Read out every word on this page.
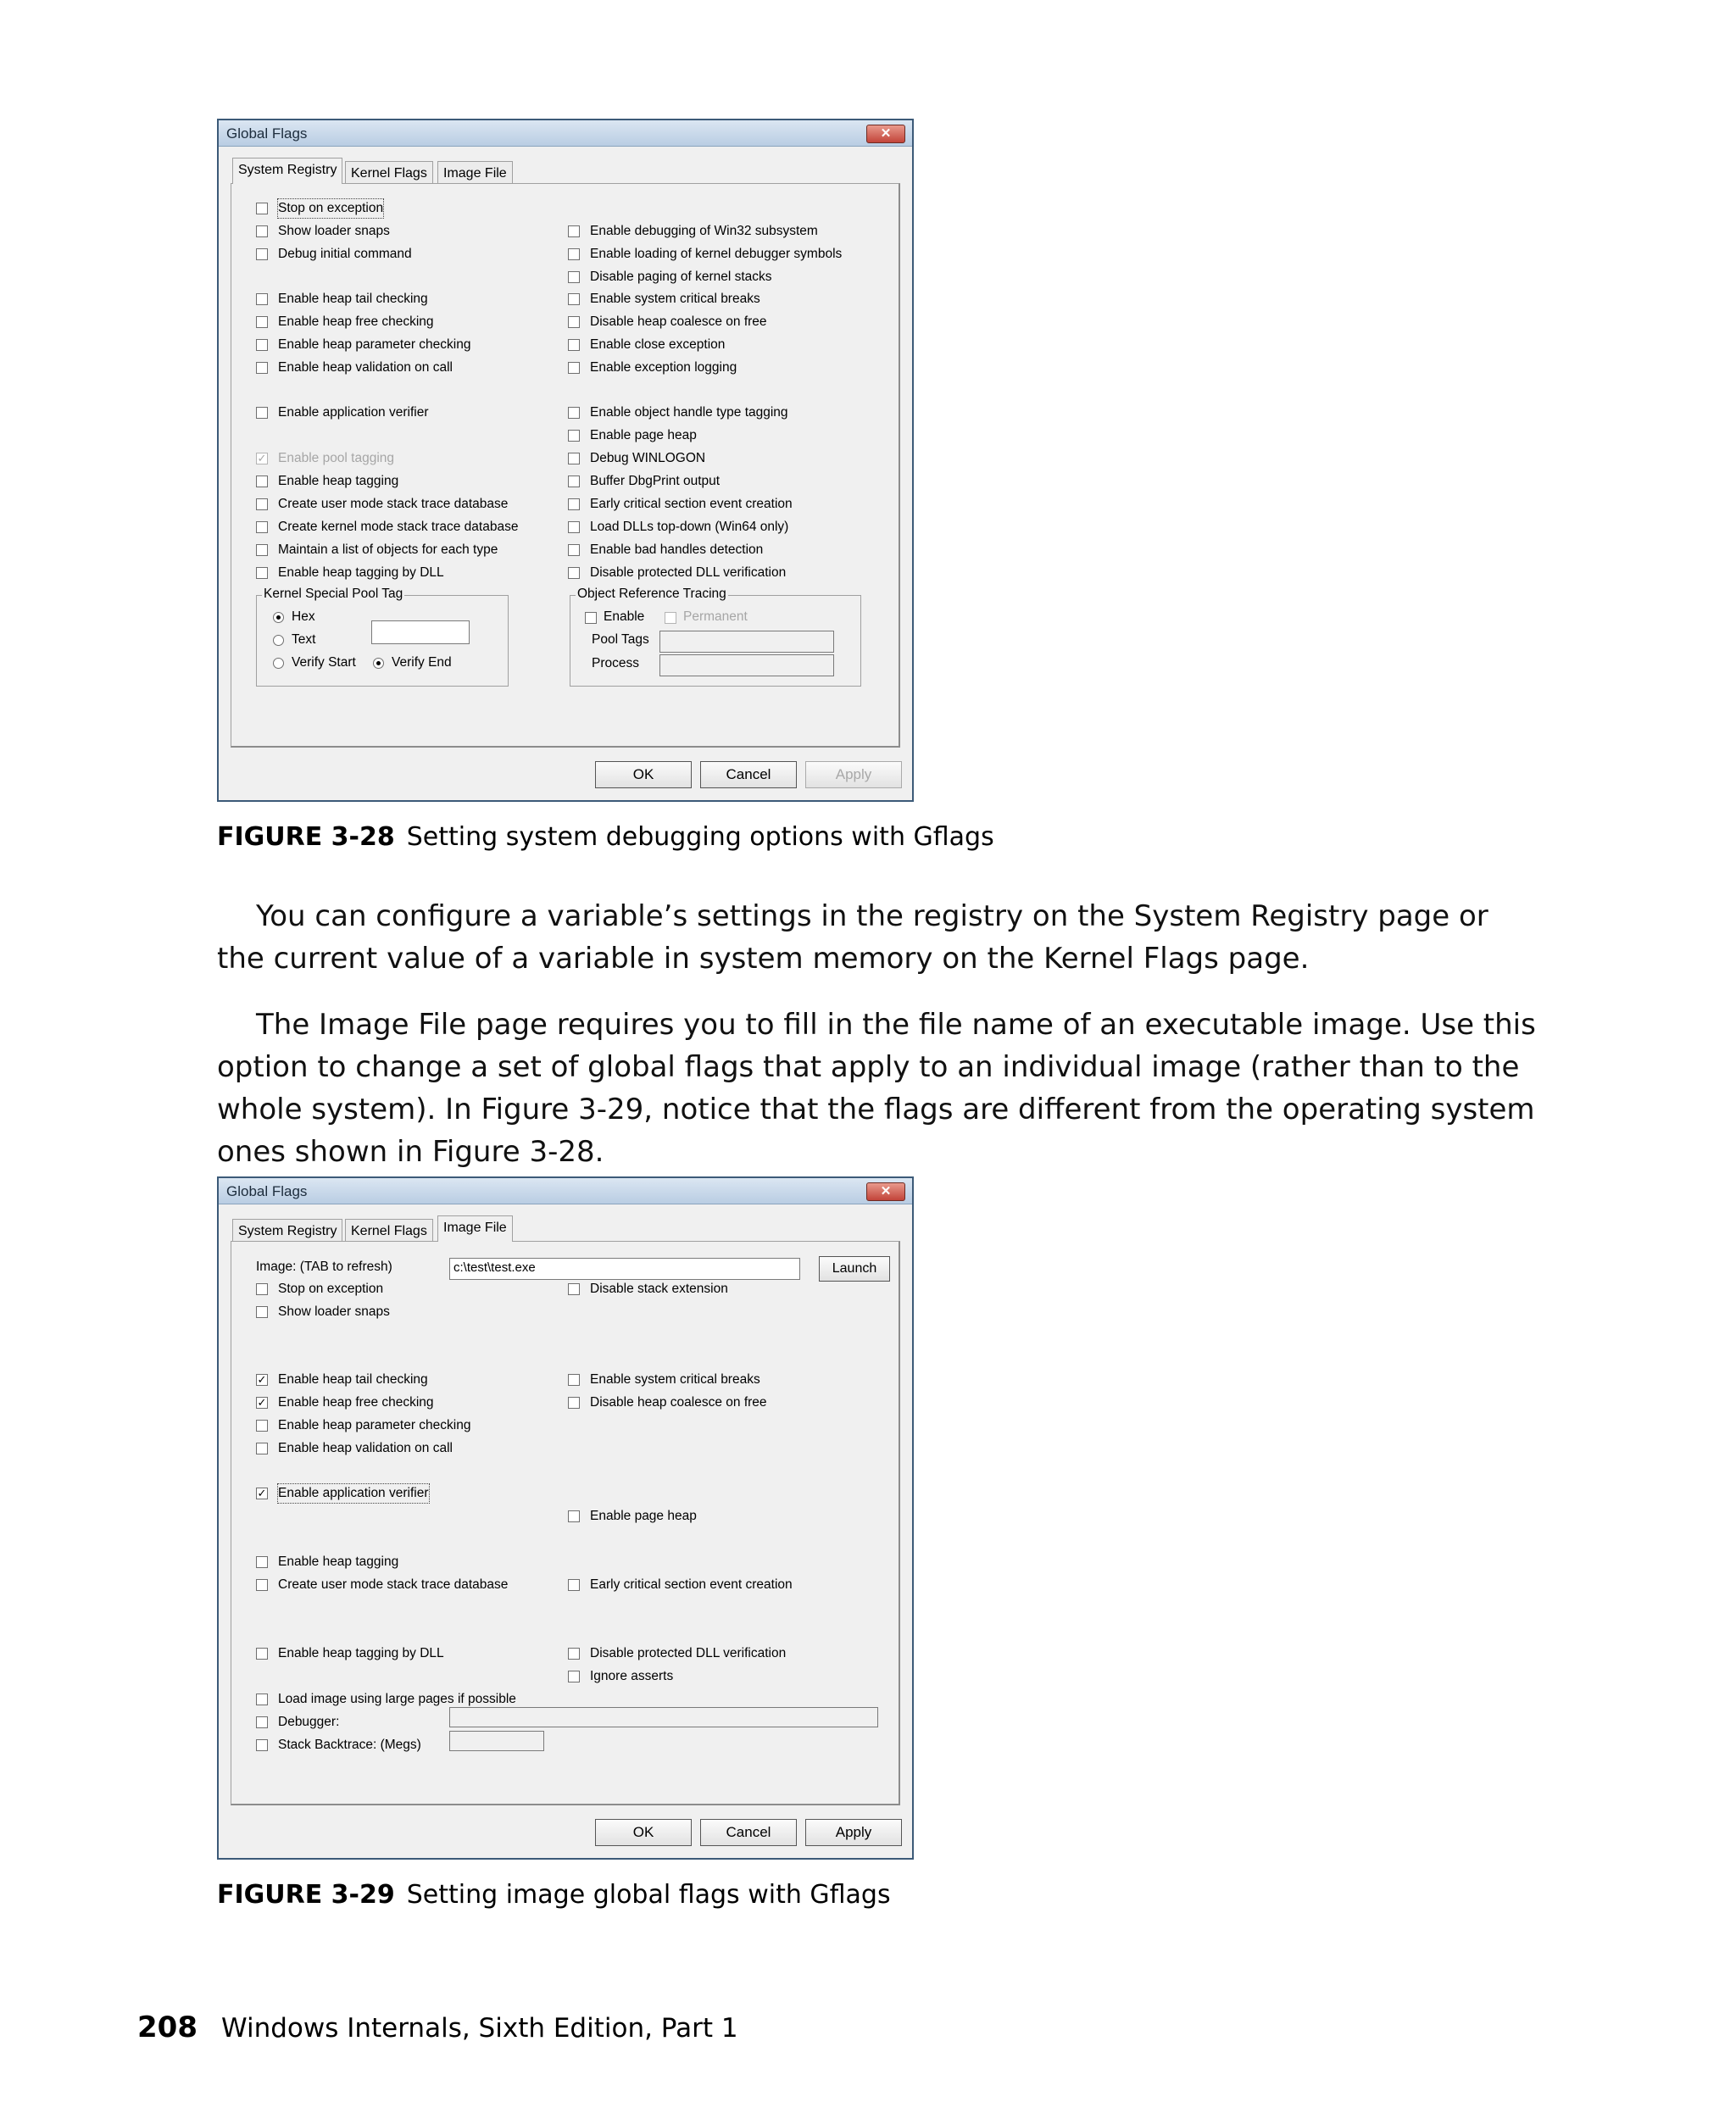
Global Flags	✕
System Registry	Kernel Flags	Image File
Stop on exception
Show loader snaps
Debug initial command
Enable heap tail checking
Enable heap free checking
Enable heap parameter checking
Enable heap validation on call
Enable application verifier
✓ Enable pool tagging
Enable heap tagging
Create user mode stack trace database
Create kernel mode stack trace database
Maintain a list of objects for each type
Enable heap tagging by DLL
Enable debugging of Win32 subsystem
Enable loading of kernel debugger symbols
Disable paging of kernel stacks
Enable system critical breaks
Disable heap coalesce on free
Enable close exception
Enable exception logging
Enable object handle type tagging
Enable page heap
Debug WINLOGON
Buffer DbgPrint output
Early critical section event creation
Load DLLs top-down (Win64 only)
Enable bad handles detection
Disable protected DLL verification
Kernel Special Pool Tag
Hex
Text
Verify Start	Verify End
Object Reference Tracing
Enable	Permanent
Pool Tags
Process
OK	Cancel	Apply
FIGURE 3-28 Setting system debugging options with Gflags

You can configure a variable’s settings in the registry on the System Registry page or the current value of a variable in system memory on the Kernel Flags page.

The Image File page requires you to fill in the file name of an executable image. Use this option to change a set of global flags that apply to an individual image (rather than to the whole system). In Figure 3-29, notice that the flags are different from the operating system ones shown in Figure 3-28.

Global Flags	✕
System Registry	Kernel Flags	Image File
Image: (TAB to refresh)	c:\test\test.exe	Launch
Stop on exception
Show loader snaps
Disable stack extension
✓ Enable heap tail checking
✓ Enable heap free checking
Enable heap parameter checking
Enable heap validation on call
Enable system critical breaks
Disable heap coalesce on free
✓ Enable application verifier
Enable page heap
Enable heap tagging
Create user mode stack trace database	Early critical section event creation
Enable heap tagging by DLL	Disable protected DLL verification
Ignore asserts
Load image using large pages if possible
Debugger:
Stack Backtrace: (Megs)
OK	Cancel	Apply
FIGURE 3-29 Setting image global flags with Gflags
208 Windows Internals, Sixth Edition, Part 1
